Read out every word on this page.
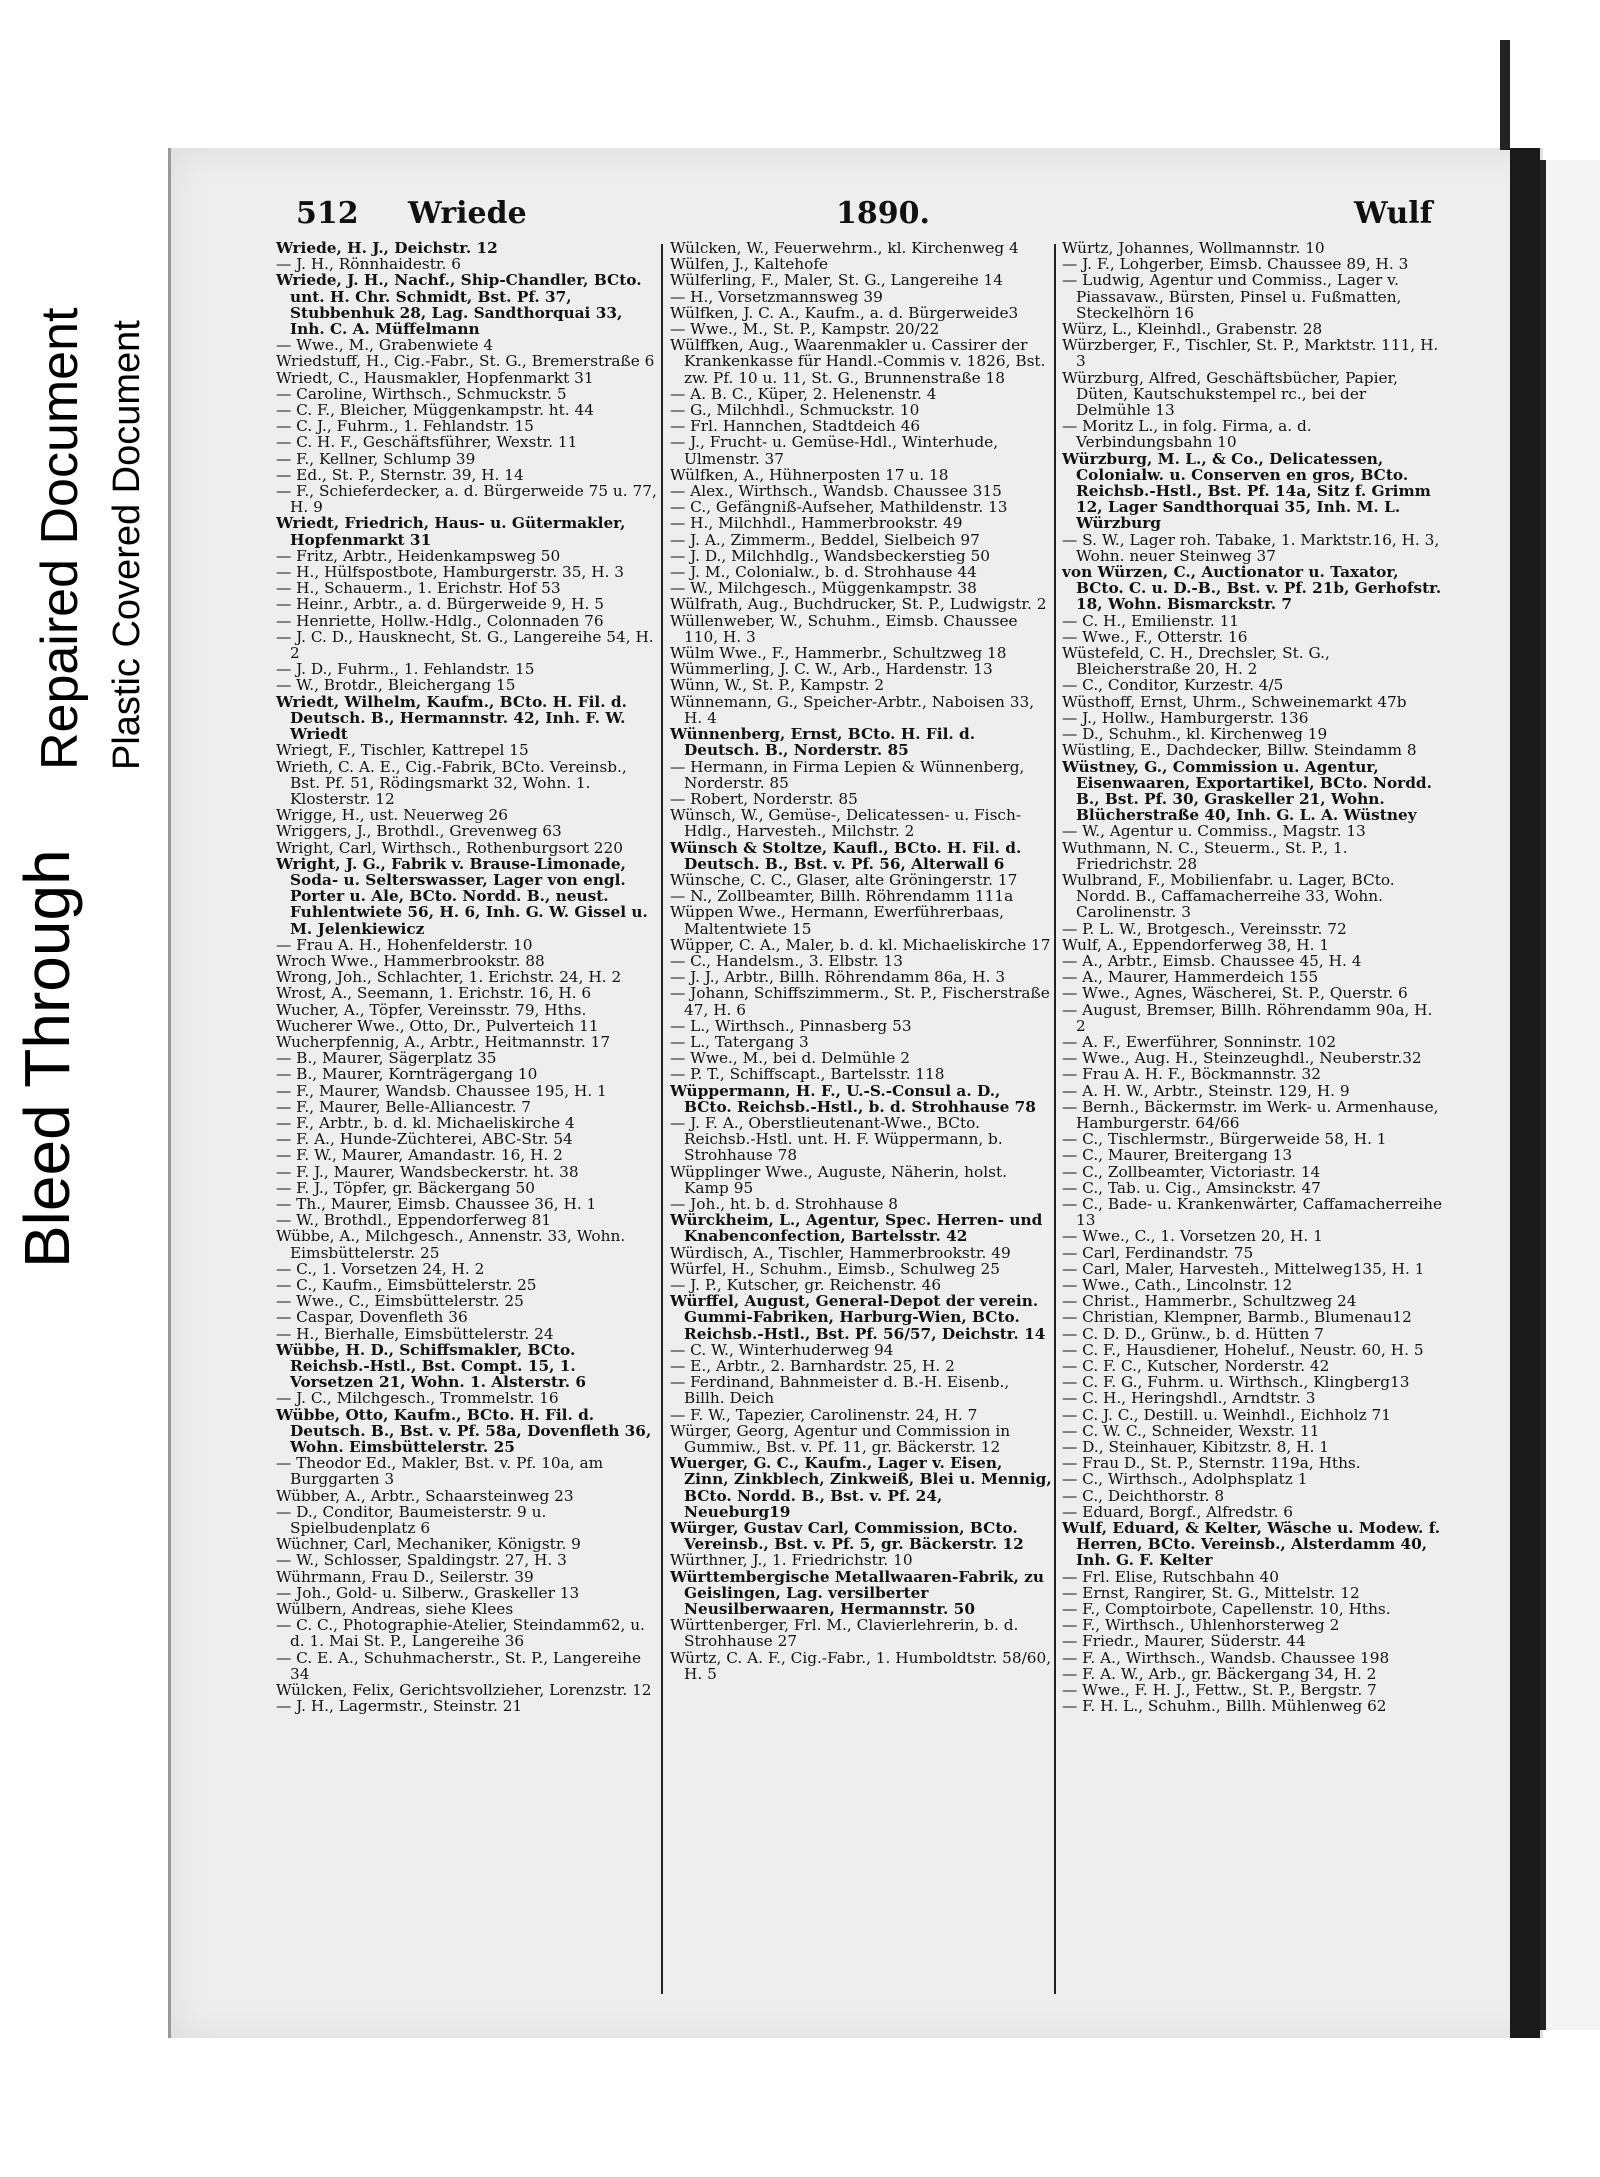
Bleed Through
Repaired Document Plastic Covered Document
512 Wriede	1890.	Wulf

Wriede, H. J., Deichstr. 12

— J. H., Rönnhaidestr. 6

Wriede, J. H., Nachf., Ship-Chandler, BCto. unt. H. Chr. Schmidt, Bst. Pf. 37, Stubbenhuk 28, Lag. Sandthorquai 33, Inh. C. A. Müffelmann

— Wwe., M., Grabenwiete 4

Wriedstuff, H., Cig.-Fabr., St. G., Bremerstraße 6

Wriedt, C., Hausmakler, Hopfenmarkt 31

— Caroline, Wirthsch., Schmuckstr. 5

— C. F., Bleicher, Müggenkampstr. ht. 44

— C. J., Fuhrm., 1. Fehlandstr. 15

— C. H. F., Geschäftsführer, Wexstr. 11

— F., Kellner, Schlump 39

— Ed., St. P., Sternstr. 39, H. 14

— F., Schieferdecker, a. d. Bürgerweide 75 u. 77, H. 9

Wriedt, Friedrich, Haus- u. Gütermakler, Hopfenmarkt 31

— Fritz, Arbtr., Heidenkampsweg 50

— H., Hülfspostbote, Hamburgerstr. 35, H. 3

— H., Schauerm., 1. Erichstr. Hof 53

— Heinr., Arbtr., a. d. Bürgerweide 9, H. 5

— Henriette, Hollw.-Hdlg., Colonnaden 76

— J. C. D., Hausknecht, St. G., Langereihe 54, H. 2

— J. D., Fuhrm., 1. Fehlandstr. 15

— W., Brotdr., Bleichergang 15

Wriedt, Wilhelm, Kaufm., BCto. H. Fil. d. Deutsch. B., Hermannstr. 42, Inh. F. W. Wriedt

Wriegt, F., Tischler, Kattrepel 15

Wrieth, C. A. E., Cig.-Fabrik, BCto. Vereinsb., Bst. Pf. 51, Rödingsmarkt 32, Wohn. 1. Klosterstr. 12

Wrigge, H., ust. Neuerweg 26

Wriggers, J., Brothdl., Grevenweg 63

Wright, Carl, Wirthsch., Rothenburgsort 220

Wright, J. G., Fabrik v. Brause-Limonade, Soda- u. Selterswasser, Lager von engl. Porter u. Ale, BCto. Nordd. B., neust. Fuhlentwiete 56, H. 6, Inh. G. W. Gissel u. M. Jelenkiewicz

— Frau A. H., Hohenfelderstr. 10

Wroch Wwe., Hammerbrookstr. 88

Wrong, Joh., Schlachter, 1. Erichstr. 24, H. 2

Wrost, A., Seemann, 1. Erichstr. 16, H. 6

Wucher, A., Töpfer, Vereinsstr. 79, Hths.

Wucherer Wwe., Otto, Dr., Pulverteich 11

Wucherpfennig, A., Arbtr., Heitmannstr. 17

— B., Maurer, Sägerplatz 35

— B., Maurer, Kornträgergang 10

— F., Maurer, Wandsb. Chaussee 195, H. 1

— F., Maurer, Belle-Alliancestr. 7

— F., Arbtr., b. d. kl. Michaeliskirche 4

— F. A., Hunde-Züchterei, ABC-Str. 54

— F. W., Maurer, Amandastr. 16, H. 2

— F. J., Maurer, Wandsbeckerstr. ht. 38

— F. J., Töpfer, gr. Bäckergang 50

— Th., Maurer, Eimsb. Chaussee 36, H. 1

— W., Brothdl., Eppendorferweg 81

Wübbe, A., Milchgesch., Annenstr. 33, Wohn. Eimsbüttelerstr. 25

— C., 1. Vorsetzen 24, H. 2

— C., Kaufm., Eimsbüttelerstr. 25

— Wwe., C., Eimsbüttelerstr. 25

— Caspar, Dovenfleth 36

— H., Bierhalle, Eimsbüttelerstr. 24

Wübbe, H. D., Schiffsmakler, BCto. Reichsb.-Hstl., Bst. Compt. 15, 1. Vorsetzen 21, Wohn. 1. Alsterstr. 6

— J. C., Milchgesch., Trommelstr. 16

Wübbe, Otto, Kaufm., BCto. H. Fil. d. Deutsch. B., Bst. v. Pf. 58a, Dovenfleth 36, Wohn. Eimsbüttelerstr. 25

— Theodor Ed., Makler, Bst. v. Pf. 10a, am Burggarten 3

Wübber, A., Arbtr., Schaarsteinweg 23

— D., Conditor, Baumeisterstr. 9 u. Spielbudenplatz 6

Wüchner, Carl, Mechaniker, Königstr. 9

— W., Schlosser, Spaldingstr. 27, H. 3

Wührmann, Frau D., Seilerstr. 39

— Joh., Gold- u. Silberw., Graskeller 13

Wülbern, Andreas, siehe Klees

— C. C., Photographie-Atelier, Steindamm62, u. d. 1. Mai St. P., Langereihe 36

— C. E. A., Schuhmacherstr., St. P., Langereihe 34

Wülcken, Felix, Gerichtsvollzieher, Lorenzstr. 12

— J. H., Lagermstr., Steinstr. 21

Wülcken, W., Feuerwehrm., kl. Kirchenweg 4

Wülfen, J., Kaltehofe

Wülferling, F., Maler, St. G., Langereihe 14

— H., Vorsetzmannsweg 39

Wülfken, J. C. A., Kaufm., a. d. Bürgerweide3

— Wwe., M., St. P., Kampstr. 20/22

Wülffken, Aug., Waarenmakler u. Cassirer der Krankenkasse für Handl.-Commis v. 1826, Bst. zw. Pf. 10 u. 11, St. G., Brunnenstraße 18

— A. B. C., Küper, 2. Helenenstr. 4

— G., Milchhdl., Schmuckstr. 10

— Frl. Hannchen, Stadtdeich 46

— J., Frucht- u. Gemüse-Hdl., Winterhude, Ulmenstr. 37

Wülfken, A., Hühnerposten 17 u. 18

— Alex., Wirthsch., Wandsb. Chaussee 315

— C., Gefängniß-Aufseher, Mathildenstr. 13

— H., Milchhdl., Hammerbrookstr. 49

— J. A., Zimmerm., Beddel, Sielbeich 97

— J. D., Milchhdlg., Wandsbeckerstieg 50

— J. M., Colonialw., b. d. Strohhause 44

— W., Milchgesch., Müggenkampstr. 38

Wülfrath, Aug., Buchdrucker, St. P., Ludwigstr. 2

Wüllenweber, W., Schuhm., Eimsb. Chaussee 110, H. 3

Wülm Wwe., F., Hammerbr., Schultzweg 18

Wümmerling, J. C. W., Arb., Hardenstr. 13

Wünn, W., St. P., Kampstr. 2

Wünnemann, G., Speicher-Arbtr., Naboisen 33, H. 4

Wünnenberg, Ernst, BCto. H. Fil. d. Deutsch. B., Norderstr. 85

— Hermann, in Firma Lepien & Wünnenberg, Norderstr. 85

— Robert, Norderstr. 85

Wünsch, W., Gemüse-, Delicatessen- u. Fisch-Hdlg., Harvesteh., Milchstr. 2

Wünsch & Stoltze, Kaufl., BCto. H. Fil. d. Deutsch. B., Bst. v. Pf. 56, Alterwall 6

Wünsche, C. C., Glaser, alte Gröningerstr. 17

— N., Zollbeamter, Billh. Röhrendamm 111a

Wüppen Wwe., Hermann, Ewerführerbaas, Maltentwiete 15

Wüpper, C. A., Maler, b. d. kl. Michaeliskirche 17

— C., Handelsm., 3. Elbstr. 13

— J. J., Arbtr., Billh. Röhrendamm 86a, H. 3

— Johann, Schiffszimmerm., St. P., Fischerstraße 47, H. 6

— L., Wirthsch., Pinnasberg 53

— L., Tatergang 3

— Wwe., M., bei d. Delmühle 2

— P. T., Schiffscapt., Bartelsstr. 118

Wüppermann, H. F., U.-S.-Consul a. D., BCto. Reichsb.-Hstl., b. d. Strohhause 78

— J. F. A., Oberstlieutenant-Wwe., BCto. Reichsb.-Hstl. unt. H. F. Wüppermann, b. Strohhause 78

Wüpplinger Wwe., Auguste, Näherin, holst. Kamp 95

— Joh., ht. b. d. Strohhause 8

Würckheim, L., Agentur, Spec. Herren- und Knabenconfection, Bartelsstr. 42

Würdisch, A., Tischler, Hammerbrookstr. 49

Würfel, H., Schuhm., Eimsb., Schulweg 25

— J. P., Kutscher, gr. Reichenstr. 46

Würffel, August, General-Depot der verein. Gummi-Fabriken, Harburg-Wien, BCto. Reichsb.-Hstl., Bst. Pf. 56/57, Deichstr. 14

— C. W., Winterhuderweg 94

— E., Arbtr., 2. Barnhardstr. 25, H. 2

— Ferdinand, Bahnmeister d. B.-H. Eisenb., Billh. Deich

— F. W., Tapezier, Carolinenstr. 24, H. 7

Würger, Georg, Agentur und Commission in Gummiw., Bst. v. Pf. 11, gr. Bäckerstr. 12

Wuerger, G. C., Kaufm., Lager v. Eisen, Zinn, Zinkblech, Zinkweiß, Blei u. Mennig, BCto. Nordd. B., Bst. v. Pf. 24, Neueburg19

Würger, Gustav Carl, Commission, BCto. Vereinsb., Bst. v. Pf. 5, gr. Bäckerstr. 12

Würthner, J., 1. Friedrichstr. 10

Württembergische Metallwaaren-Fabrik, zu Geislingen, Lag. versilberter Neusilberwaaren, Hermannstr. 50

Württenberger, Frl. M., Clavierlehrerin, b. d. Strohhause 27

Würtz, C. A. F., Cig.-Fabr., 1. Humboldtstr. 58/60, H. 5

Würtz, Johannes, Wollmannstr. 10

— J. F., Lohgerber, Eimsb. Chaussee 89, H. 3

— Ludwig, Agentur und Commiss., Lager v. Piassavaw., Bürsten, Pinsel u. Fußmatten, Steckelhörn 16

Würz, L., Kleinhdl., Grabenstr. 28

Würzberger, F., Tischler, St. P., Marktstr. 111, H. 3

Würzburg, Alfred, Geschäftsbücher, Papier, Düten, Kautschukstempel rc., bei der Delmühle 13

— Moritz L., in folg. Firma, a. d. Verbindungsbahn 10

Würzburg, M. L., & Co., Delicatessen, Colonialw. u. Conserven en gros, BCto. Reichsb.-Hstl., Bst. Pf. 14a, Sitz f. Grimm 12, Lager Sandthorquai 35, Inh. M. L. Würzburg

— S. W., Lager roh. Tabake, 1. Marktstr.16, H. 3, Wohn. neuer Steinweg 37

von Würzen, C., Auctionator u. Taxator, BCto. C. u. D.-B., Bst. v. Pf. 21b, Gerhofstr. 18, Wohn. Bismarckstr. 7

— C. H., Emilienstr. 11

— Wwe., F., Otterstr. 16

Wüstefeld, C. H., Drechsler, St. G., Bleicherstraße 20, H. 2

— C., Conditor, Kurzestr. 4/5

Wüsthoff, Ernst, Uhrm., Schweinemarkt 47b

— J., Hollw., Hamburgerstr. 136

— D., Schuhm., kl. Kirchenweg 19

Wüstling, E., Dachdecker, Billw. Steindamm 8

Wüstney, G., Commission u. Agentur, Eisenwaaren, Exportartikel, BCto. Nordd. B., Bst. Pf. 30, Graskeller 21, Wohn. Blücherstraße 40, Inh. G. L. A. Wüstney

— W., Agentur u. Commiss., Magstr. 13

Wuthmann, N. C., Steuerm., St. P., 1. Friedrichstr. 28

Wulbrand, F., Mobilienfabr. u. Lager, BCto. Nordd. B., Caffamacherreihe 33, Wohn. Carolinenstr. 3

— P. L. W., Brotgesch., Vereinsstr. 72

Wulf, A., Eppendorferweg 38, H. 1

— A., Arbtr., Eimsb. Chaussee 45, H. 4

— A., Maurer, Hammerdeich 155

— Wwe., Agnes, Wäscherei, St. P., Querstr. 6

— August, Bremser, Billh. Röhrendamm 90a, H. 2

— A. F., Ewerführer, Sonninstr. 102

— Wwe., Aug. H., Steinzeughdl., Neuberstr.32

— Frau A. H. F., Böckmannstr. 32

— A. H. W., Arbtr., Steinstr. 129, H. 9

— Bernh., Bäckermstr. im Werk- u. Armenhause, Hamburgerstr. 64/66

— C., Tischlermstr., Bürgerweide 58, H. 1

— C., Maurer, Breitergang 13

— C., Zollbeamter, Victoriastr. 14

— C., Tab. u. Cig., Amsinckstr. 47

— C., Bade- u. Krankenwärter, Caffamacherreihe 13

— Wwe., C., 1. Vorsetzen 20, H. 1

— Carl, Ferdinandstr. 75

— Carl, Maler, Harvesteh., Mittelweg135, H. 1

— Wwe., Cath., Lincolnstr. 12

— Christ., Hammerbr., Schultzweg 24

— Christian, Klempner, Barmb., Blumenau12

— C. D. D., Grünw., b. d. Hütten 7

— C. F., Hausdiener, Hoheluf., Neustr. 60, H. 5

— C. F. C., Kutscher, Norderstr. 42

— C. F. G., Fuhrm. u. Wirthsch., Klingberg13

— C. H., Heringshdl., Arndtstr. 3

— C. J. C., Destill. u. Weinhdl., Eichholz 71

— C. W. C., Schneider, Wexstr. 11

— D., Steinhauer, Kibitzstr. 8, H. 1

— Frau D., St. P., Sternstr. 119a, Hths.

— C., Wirthsch., Adolphsplatz 1

— C., Deichthorstr. 8

— Eduard, Borgf., Alfredstr. 6

Wulf, Eduard, & Kelter, Wäsche u. Modew. f. Herren, BCto. Vereinsb., Alsterdamm 40, Inh. G. F. Kelter

— Frl. Elise, Rutschbahn 40

— Ernst, Rangirer, St. G., Mittelstr. 12

— F., Comptoirbote, Capellenstr. 10, Hths.

— F., Wirthsch., Uhlenhorsterweg 2

— Friedr., Maurer, Süderstr. 44

— F. A., Wirthsch., Wandsb. Chaussee 198

— F. A. W., Arb., gr. Bäckergang 34, H. 2

— Wwe., F. H. J., Fettw., St. P., Bergstr. 7

— F. H. L., Schuhm., Billh. Mühlenweg 62
